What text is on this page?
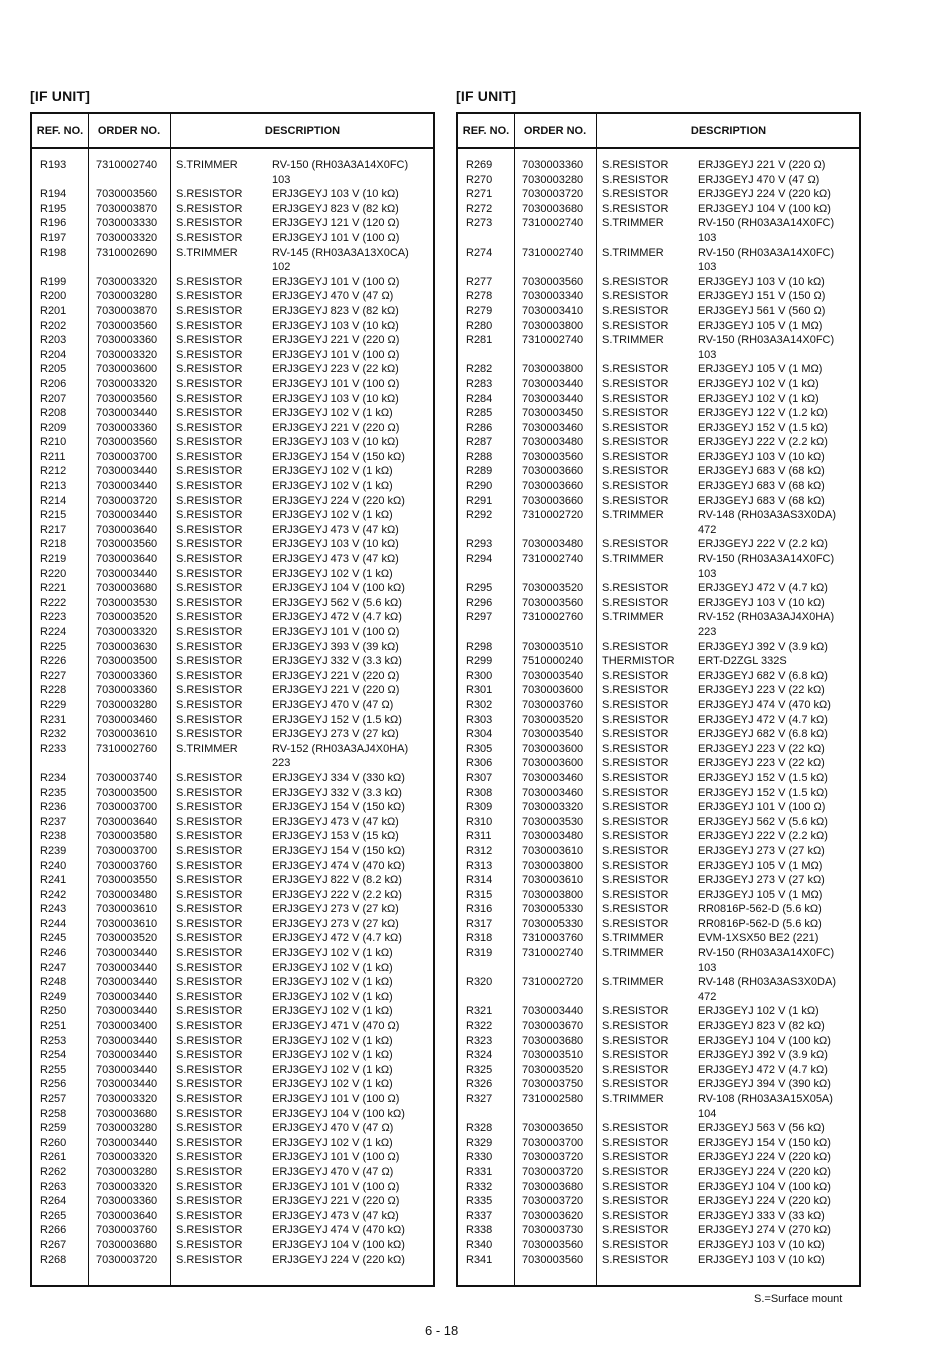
[IF UNIT]	[IF UNIT]
REF. NO.	ORDER NO.	DESCRIPTION
R193	7310002740 S.TRIMMER	RV-150 (RH03A3A14X0FC)
103
R194	7030003560 S.RESISTOR	ERJ3GEYJ 103 V (10 kΩ)
R195	7030003870 S.RESISTOR	ERJ3GEYJ 823 V (82 kΩ)
R196	7030003330 S.RESISTOR	ERJ3GEYJ 121 V (120 Ω)
R197	7030003320 S.RESISTOR	ERJ3GEYJ 101 V (100 Ω)
R198	7310002690 S.TRIMMER	RV-145 (RH03A3A13X0CA)
102
R199	7030003320 S.RESISTOR	ERJ3GEYJ 101 V (100 Ω)
R200	7030003280 S.RESISTOR	ERJ3GEYJ 470 V (47 Ω)
R201	7030003870 S.RESISTOR	ERJ3GEYJ 823 V (82 kΩ)
R202	7030003560 S.RESISTOR	ERJ3GEYJ 103 V (10 kΩ)
R203	7030003360 S.RESISTOR	ERJ3GEYJ 221 V (220 Ω)
R204	7030003320 S.RESISTOR	ERJ3GEYJ 101 V (100 Ω)
R205	7030003600 S.RESISTOR	ERJ3GEYJ 223 V (22 kΩ)
R206	7030003320 S.RESISTOR	ERJ3GEYJ 101 V (100 Ω)
R207	7030003560 S.RESISTOR	ERJ3GEYJ 103 V (10 kΩ)
R208	7030003440 S.RESISTOR	ERJ3GEYJ 102 V (1 kΩ)
R209	7030003360 S.RESISTOR	ERJ3GEYJ 221 V (220 Ω)
R210	7030003560 S.RESISTOR	ERJ3GEYJ 103 V (10 kΩ)
R211	7030003700 S.RESISTOR	ERJ3GEYJ 154 V (150 kΩ)
R212	7030003440 S.RESISTOR	ERJ3GEYJ 102 V (1 kΩ)
R213	7030003440 S.RESISTOR	ERJ3GEYJ 102 V (1 kΩ)
R214	7030003720 S.RESISTOR	ERJ3GEYJ 224 V (220 kΩ)
R215	7030003440 S.RESISTOR	ERJ3GEYJ 102 V (1 kΩ)
R217	7030003640 S.RESISTOR	ERJ3GEYJ 473 V (47 kΩ)
R218	7030003560 S.RESISTOR	ERJ3GEYJ 103 V (10 kΩ)
R219	7030003640 S.RESISTOR	ERJ3GEYJ 473 V (47 kΩ)
R220	7030003440 S.RESISTOR	ERJ3GEYJ 102 V (1 kΩ)
R221	7030003680 S.RESISTOR	ERJ3GEYJ 104 V (100 kΩ)
R222	7030003530 S.RESISTOR	ERJ3GEYJ 562 V (5.6 kΩ)
R223	7030003520 S.RESISTOR	ERJ3GEYJ 472 V (4.7 kΩ)
R224	7030003320 S.RESISTOR	ERJ3GEYJ 101 V (100 Ω)
R225	7030003630 S.RESISTOR	ERJ3GEYJ 393 V (39 kΩ)
R226	7030003500 S.RESISTOR	ERJ3GEYJ 332 V (3.3 kΩ)
R227	7030003360 S.RESISTOR	ERJ3GEYJ 221 V (220 Ω)
R228	7030003360 S.RESISTOR	ERJ3GEYJ 221 V (220 Ω)
R229	7030003280 S.RESISTOR	ERJ3GEYJ 470 V (47 Ω)
R231	7030003460 S.RESISTOR	ERJ3GEYJ 152 V (1.5 kΩ)
R232	7030003610 S.RESISTOR	ERJ3GEYJ 273 V (27 kΩ)
R233	7310002760 S.TRIMMER	RV-152 (RH03A3AJ4X0HA)
223
R234	7030003740 S.RESISTOR	ERJ3GEYJ 334 V (330 kΩ)
R235	7030003500 S.RESISTOR	ERJ3GEYJ 332 V (3.3 kΩ)
R236	7030003700 S.RESISTOR	ERJ3GEYJ 154 V (150 kΩ)
R237	7030003640 S.RESISTOR	ERJ3GEYJ 473 V (47 kΩ)
R238	7030003580 S.RESISTOR	ERJ3GEYJ 153 V (15 kΩ)
R239	7030003700 S.RESISTOR	ERJ3GEYJ 154 V (150 kΩ)
R240	7030003760 S.RESISTOR	ERJ3GEYJ 474 V (470 kΩ)
R241	7030003550 S.RESISTOR	ERJ3GEYJ 822 V (8.2 kΩ)
R242	7030003480 S.RESISTOR	ERJ3GEYJ 222 V (2.2 kΩ)
R243	7030003610 S.RESISTOR	ERJ3GEYJ 273 V (27 kΩ)
R244	7030003610 S.RESISTOR	ERJ3GEYJ 273 V (27 kΩ)
R245	7030003520 S.RESISTOR	ERJ3GEYJ 472 V (4.7 kΩ)
R246	7030003440 S.RESISTOR	ERJ3GEYJ 102 V (1 kΩ)
R247	7030003440 S.RESISTOR	ERJ3GEYJ 102 V (1 kΩ)
R248	7030003440 S.RESISTOR	ERJ3GEYJ 102 V (1 kΩ)
R249	7030003440 S.RESISTOR	ERJ3GEYJ 102 V (1 kΩ)
R250	7030003440 S.RESISTOR	ERJ3GEYJ 102 V (1 kΩ)
R251	7030003400 S.RESISTOR	ERJ3GEYJ 471 V (470 Ω)
R253	7030003440 S.RESISTOR	ERJ3GEYJ 102 V (1 kΩ)
R254	7030003440 S.RESISTOR	ERJ3GEYJ 102 V (1 kΩ)
R255	7030003440 S.RESISTOR	ERJ3GEYJ 102 V (1 kΩ)
R256	7030003440 S.RESISTOR	ERJ3GEYJ 102 V (1 kΩ)
R257	7030003320 S.RESISTOR	ERJ3GEYJ 101 V (100 Ω)
R258	7030003680 S.RESISTOR	ERJ3GEYJ 104 V (100 kΩ)
R259	7030003280 S.RESISTOR	ERJ3GEYJ 470 V (47 Ω)
R260	7030003440 S.RESISTOR	ERJ3GEYJ 102 V (1 kΩ)
R261	7030003320 S.RESISTOR	ERJ3GEYJ 101 V (100 Ω)
R262	7030003280 S.RESISTOR	ERJ3GEYJ 470 V (47 Ω)
R263	7030003320 S.RESISTOR	ERJ3GEYJ 101 V (100 Ω)
R264	7030003360 S.RESISTOR	ERJ3GEYJ 221 V (220 Ω)
R265	7030003640 S.RESISTOR	ERJ3GEYJ 473 V (47 kΩ)
R266	7030003760 S.RESISTOR	ERJ3GEYJ 474 V (470 kΩ)
R267	7030003680 S.RESISTOR	ERJ3GEYJ 104 V (100 kΩ)
R268	7030003720 S.RESISTOR	ERJ3GEYJ 224 V (220 kΩ)
REF. NO.	ORDER NO.	DESCRIPTION
R269	7030003360 S.RESISTOR	ERJ3GEYJ 221 V (220 Ω)
R270	7030003280 S.RESISTOR	ERJ3GEYJ 470 V (47 Ω)
R271	7030003720 S.RESISTOR	ERJ3GEYJ 224 V (220 kΩ)
R272	7030003680 S.RESISTOR	ERJ3GEYJ 104 V (100 kΩ)
R273	7310002740 S.TRIMMER	RV-150 (RH03A3A14X0FC)
103
R274	7310002740 S.TRIMMER	RV-150 (RH03A3A14X0FC)
103
R277	7030003560 S.RESISTOR	ERJ3GEYJ 103 V (10 kΩ)
R278	7030003340 S.RESISTOR	ERJ3GEYJ 151 V (150 Ω)
R279	7030003410 S.RESISTOR	ERJ3GEYJ 561 V (560 Ω)
R280	7030003800 S.RESISTOR	ERJ3GEYJ 105 V (1 MΩ)
R281	7310002740 S.TRIMMER	RV-150 (RH03A3A14X0FC)
103
R282	7030003800 S.RESISTOR	ERJ3GEYJ 105 V (1 MΩ)
R283	7030003440 S.RESISTOR	ERJ3GEYJ 102 V (1 kΩ)
R284	7030003440 S.RESISTOR	ERJ3GEYJ 102 V (1 kΩ)
R285	7030003450 S.RESISTOR	ERJ3GEYJ 122 V (1.2 kΩ)
R286	7030003460 S.RESISTOR	ERJ3GEYJ 152 V (1.5 kΩ)
R287	7030003480 S.RESISTOR	ERJ3GEYJ 222 V (2.2 kΩ)
R288	7030003560 S.RESISTOR	ERJ3GEYJ 103 V (10 kΩ)
R289	7030003660 S.RESISTOR	ERJ3GEYJ 683 V (68 kΩ)
R290	7030003660 S.RESISTOR	ERJ3GEYJ 683 V (68 kΩ)
R291	7030003660 S.RESISTOR	ERJ3GEYJ 683 V (68 kΩ)
R292	7310002720 S.TRIMMER	RV-148 (RH03A3AS3X0DA)
472
R293	7030003480 S.RESISTOR	ERJ3GEYJ 222 V (2.2 kΩ)
R294	7310002740 S.TRIMMER	RV-150 (RH03A3A14X0FC)
103
R295	7030003520 S.RESISTOR	ERJ3GEYJ 472 V (4.7 kΩ)
R296	7030003560 S.RESISTOR	ERJ3GEYJ 103 V (10 kΩ)
R297	7310002760 S.TRIMMER	RV-152 (RH03A3AJ4X0HA)
223
R298	7030003510 S.RESISTOR	ERJ3GEYJ 392 V (3.9 kΩ)
R299	7510000240 THERMISTOR ERT-D2ZGL 332S
R300	7030003540 S.RESISTOR	ERJ3GEYJ 682 V (6.8 kΩ)
R301	7030003600 S.RESISTOR	ERJ3GEYJ 223 V (22 kΩ)
R302	7030003760 S.RESISTOR	ERJ3GEYJ 474 V (470 kΩ)
R303	7030003520 S.RESISTOR	ERJ3GEYJ 472 V (4.7 kΩ)
R304	7030003540 S.RESISTOR	ERJ3GEYJ 682 V (6.8 kΩ)
R305	7030003600 S.RESISTOR	ERJ3GEYJ 223 V (22 kΩ)
R306	7030003600 S.RESISTOR	ERJ3GEYJ 223 V (22 kΩ)
R307	7030003460 S.RESISTOR	ERJ3GEYJ 152 V (1.5 kΩ)
R308	7030003460 S.RESISTOR	ERJ3GEYJ 152 V (1.5 kΩ)
R309	7030003320 S.RESISTOR	ERJ3GEYJ 101 V (100 Ω)
R310	7030003530 S.RESISTOR	ERJ3GEYJ 562 V (5.6 kΩ)
R311	7030003480 S.RESISTOR	ERJ3GEYJ 222 V (2.2 kΩ)
R312	7030003610 S.RESISTOR	ERJ3GEYJ 273 V (27 kΩ)
R313	7030003800 S.RESISTOR	ERJ3GEYJ 105 V (1 MΩ)
R314	7030003610 S.RESISTOR	ERJ3GEYJ 273 V (27 kΩ)
R315	7030003800 S.RESISTOR	ERJ3GEYJ 105 V (1 MΩ)
R316	7030005330 S.RESISTOR	RR0816P-562-D (5.6 kΩ)
R317	7030005330 S.RESISTOR	RR0816P-562-D (5.6 kΩ)
R318	7310003760 S.TRIMMER	EVM-1XSX50 BE2 (221)
R319	7310002740 S.TRIMMER	RV-150 (RH03A3A14X0FC)
103
R320	7310002720 S.TRIMMER	RV-148 (RH03A3AS3X0DA)
472
R321	7030003440 S.RESISTOR	ERJ3GEYJ 102 V (1 kΩ)
R322	7030003670 S.RESISTOR	ERJ3GEYJ 823 V (82 kΩ)
R323	7030003680 S.RESISTOR	ERJ3GEYJ 104 V (100 kΩ)
R324	7030003510 S.RESISTOR	ERJ3GEYJ 392 V (3.9 kΩ)
R325	7030003520 S.RESISTOR	ERJ3GEYJ 472 V (4.7 kΩ)
R326	7030003750 S.RESISTOR	ERJ3GEYJ 394 V (390 kΩ)
R327	7310002580 S.TRIMMER	RV-108 (RH03A3A15X05A)
104
R328	7030003650 S.RESISTOR	ERJ3GEYJ 563 V (56 kΩ)
R329	7030003700 S.RESISTOR	ERJ3GEYJ 154 V (150 kΩ)
R330	7030003720 S.RESISTOR	ERJ3GEYJ 224 V (220 kΩ)
R331	7030003720 S.RESISTOR	ERJ3GEYJ 224 V (220 kΩ)
R332	7030003680 S.RESISTOR	ERJ3GEYJ 104 V (100 kΩ)
R335	7030003720 S.RESISTOR	ERJ3GEYJ 224 V (220 kΩ)
R337	7030003620 S.RESISTOR	ERJ3GEYJ 333 V (33 kΩ)
R338	7030003730 S.RESISTOR	ERJ3GEYJ 274 V (270 kΩ)
R340	7030003560 S.RESISTOR	ERJ3GEYJ 103 V (10 kΩ)
R341	7030003560 S.RESISTOR	ERJ3GEYJ 103 V (10 kΩ)
S.=Surface mount
6 - 18
